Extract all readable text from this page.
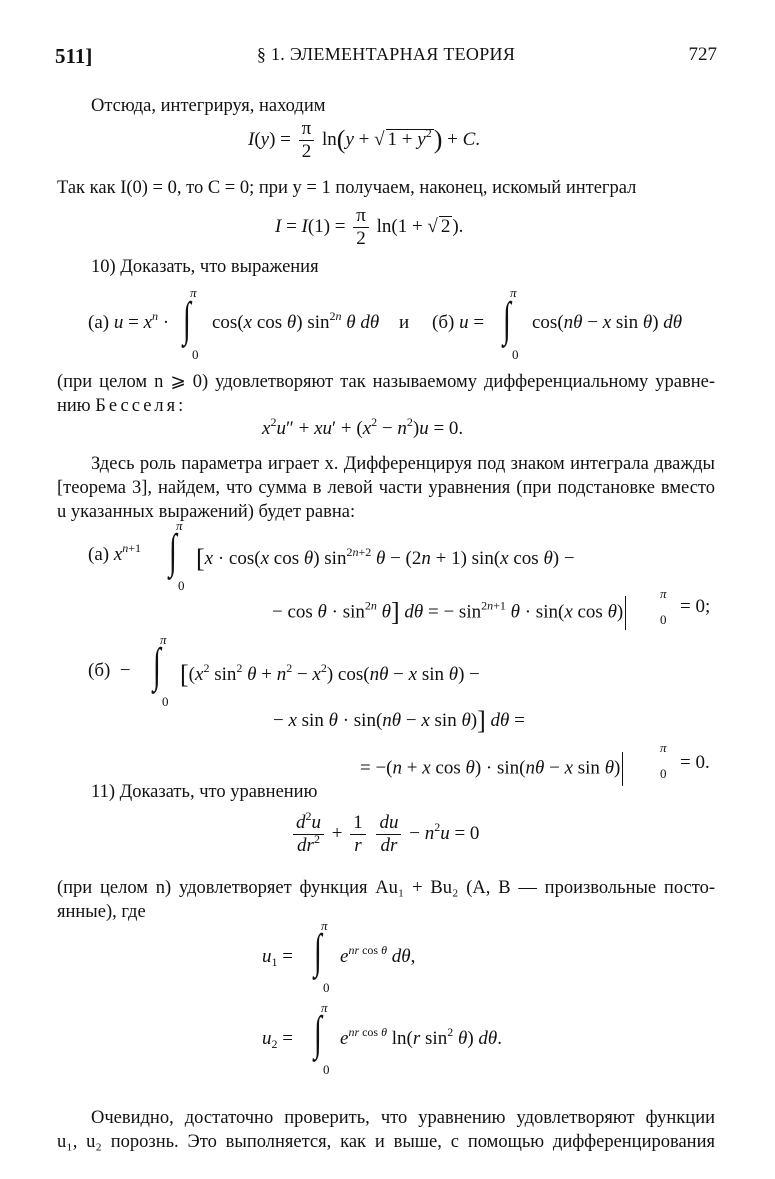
511]	§ 1. ЭЛЕМЕНТАРНАЯ ТЕОРИЯ	727
Отсюда, интегрируя, находим
$I(y) = \frac{\pi}{2} \ln(y$ + √ $1 + y^2) + C$.
Так как I(0) = 0, то C = 0; при y = 1 получаем, наконец, искомый интеграл
$I = I(1) = \frac{\pi}{2} \ln(1$ + √ 2 ).
10) Доказать, что выражения
π
∫
0
(а) $u = x^n \cdot \cos(x$ cos θ) $\sin^{2n} \theta$ dθ и (б) u =
π
∫
0
cos(nθ − x sin θ) dθ
(при целом n ⩾ 0) удовлетворяют так называемому дифференциальному уравне-
нию Бесселя:
$x^2u'' + xu' + (x^2 - n^2)u = 0$.
Здесь роль параметра играет x. Дифференцируя под знаком интеграла дважды
[теорема 3], найдем, что сумма в левой части уравнения (при подстановке вместо
u указанных выражений) будет равна:
π
∫
0
(а) $x^{n+1}$ [x · cos(x cos θ) $\sin^{2n+2} \theta - (2n + 1)$ sin(x cos θ) −
− $\cos \theta \cdot \sin^{2n} \theta$] dθ = − $\sin^{2n+1} \theta \cdot \sin(x$ cos θ)
π
0
= 0;
π
∫
0
$(б) - [(x^2$ $\sin^2 \theta + n^2 - x^2$) cos(nθ − x sin θ) −
− x sin θ · sin(nθ − x sin θ)] dθ =
= −(n + x cos θ) · sin(nθ − x sin θ)
π
0
= 0.
11) Доказать, что уравнению
$\frac{d^2u}{dr^2} + \frac{1}{r}$
$\frac{du}{dr} - n^2u = 0$
(при целом n) удовлетворяет функция Au₁ + Bu₂ (A, B — произвольные посто-
янные), где
π
∫
0
$u_1 = e^{nr cos \theta}$ dθ,
π
∫
0
$u_2 = e^{nr cos \theta}$ ln(r $\sin^2 \theta$) dθ.
Очевидно, достаточно проверить, что уравнению удовлетворяют функции
u₁, u₂ порознь. Это выполняется, как и выше, с помощью дифференцирования
